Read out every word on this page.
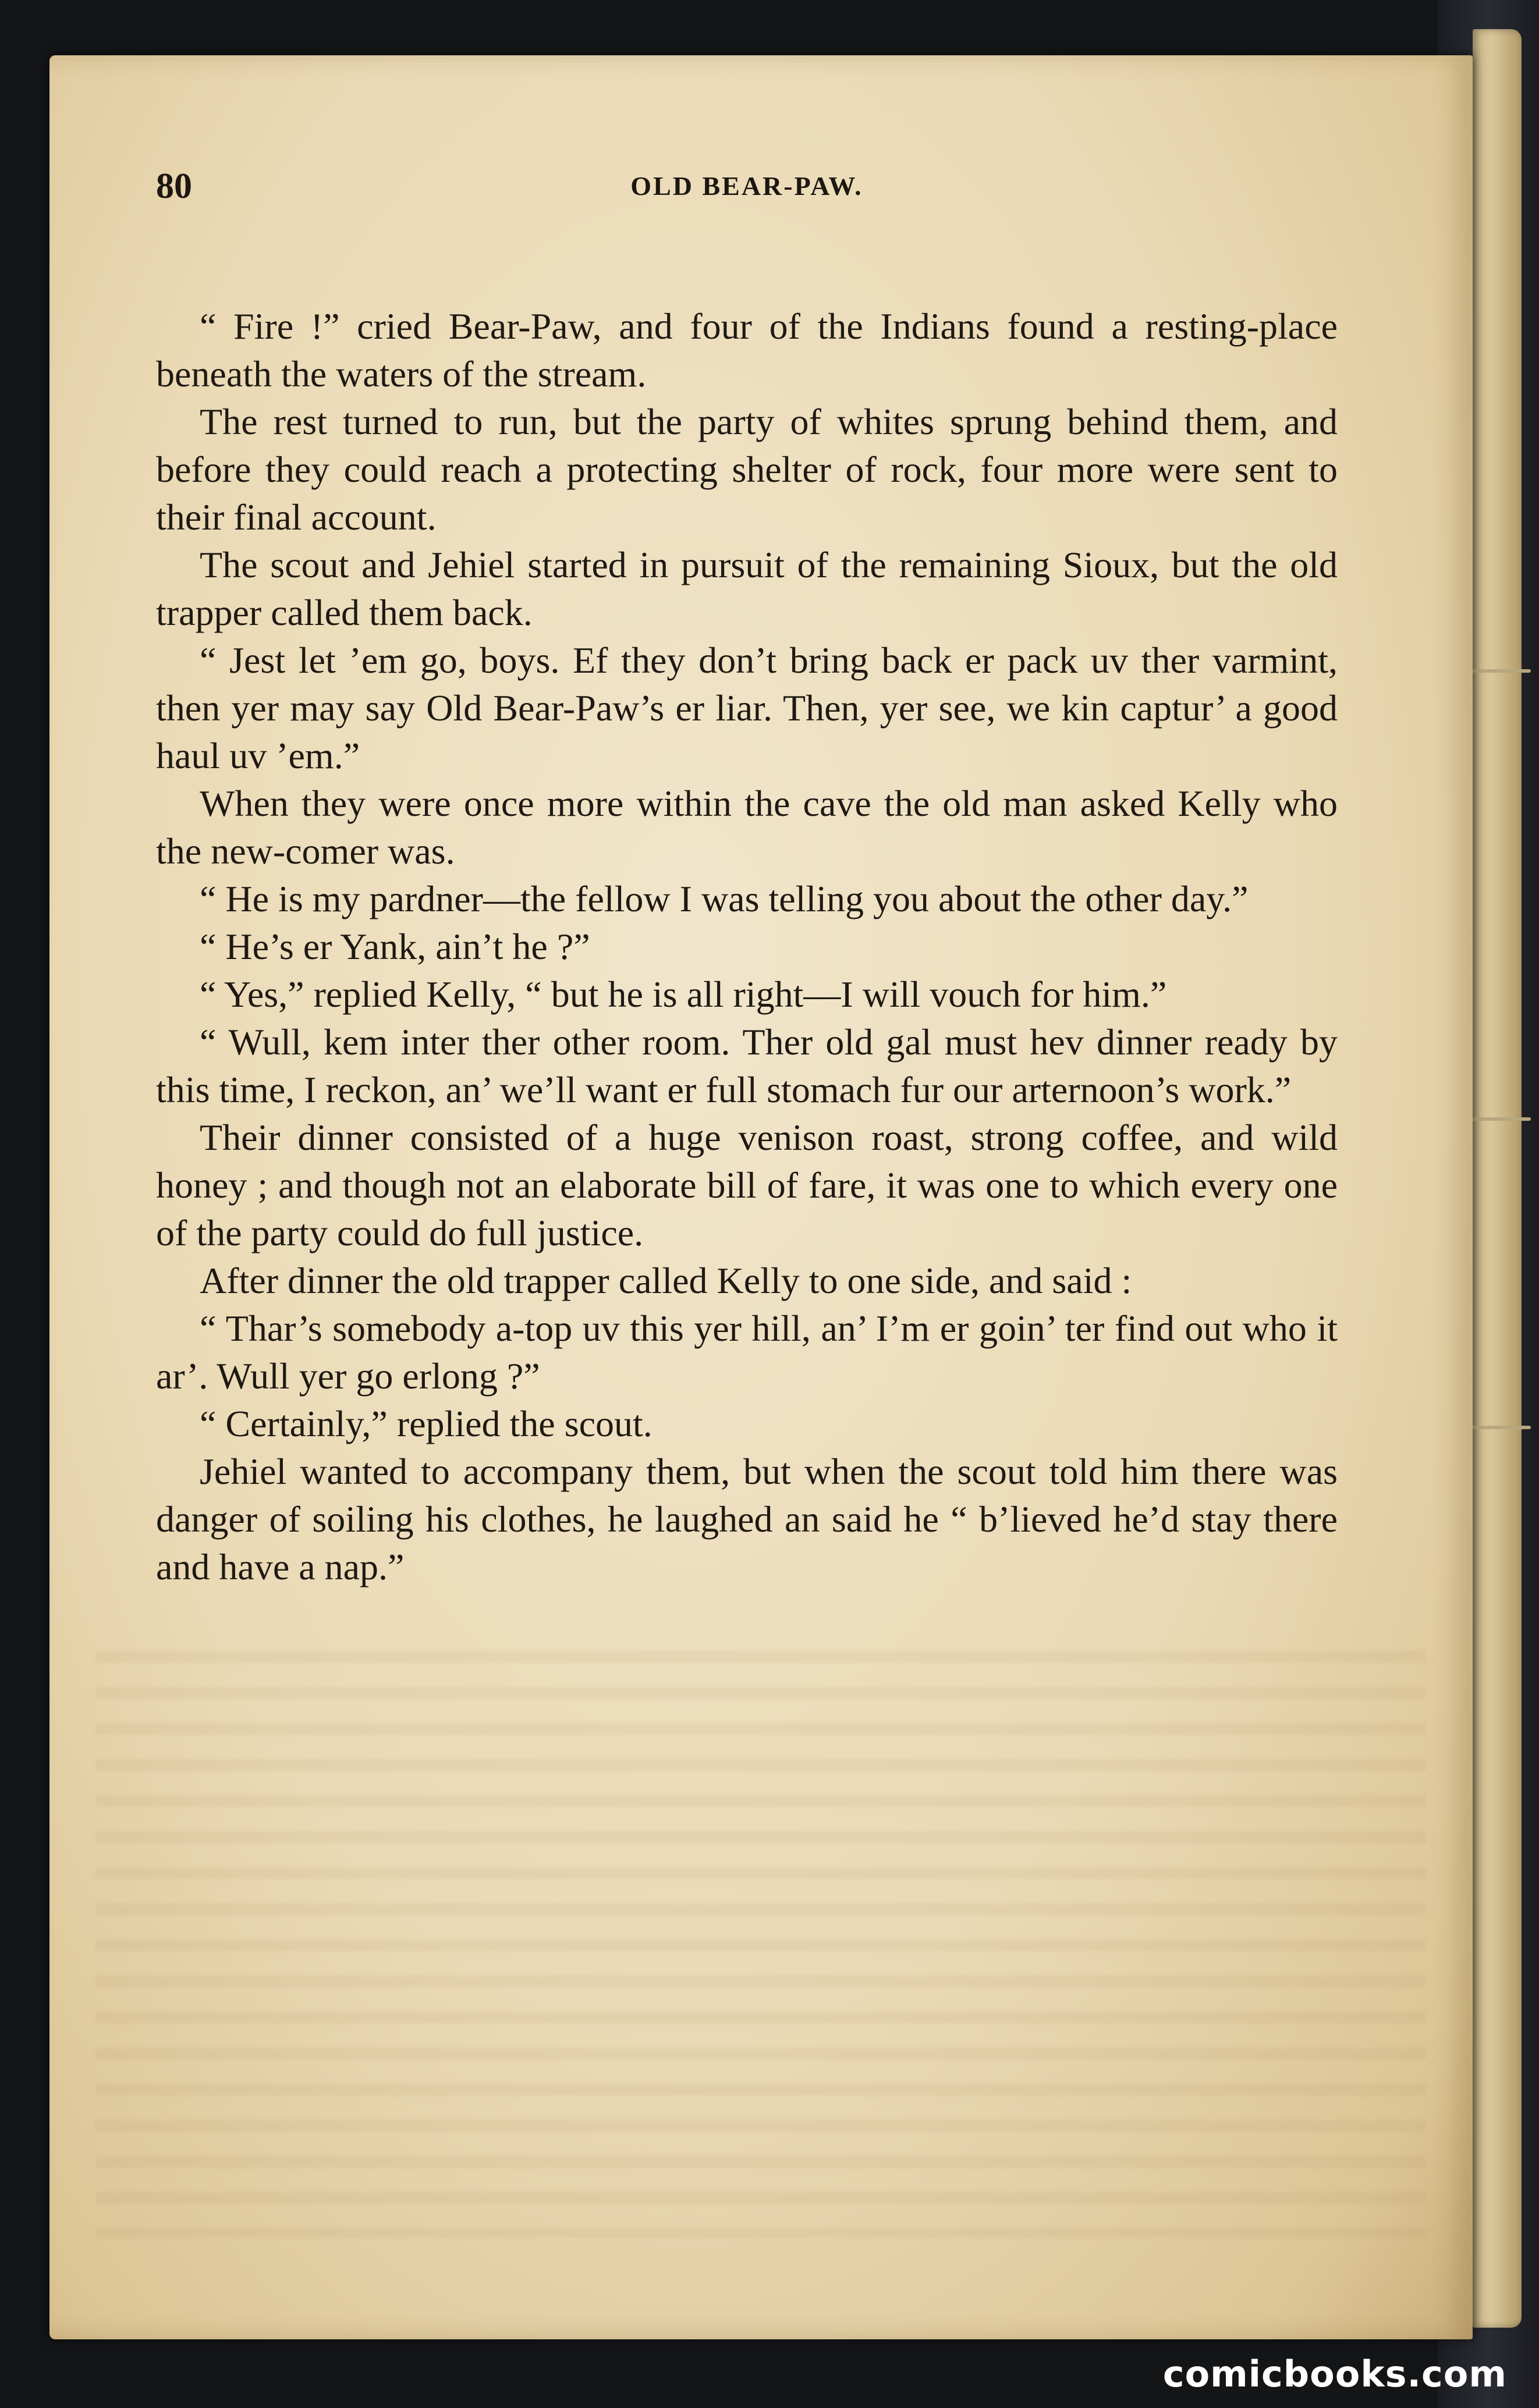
80	OLD BEAR-PAW.

“ Fire !” cried Bear-Paw, and four of the Indians found a resting-place beneath the waters of the stream.

The rest turned to run, but the party of whites sprung behind them, and before they could reach a protecting shelter of rock, four more were sent to their final account.

The scout and Jehiel started in pursuit of the remaining Sioux, but the old trapper called them back.

“ Jest let ’em go, boys. Ef they don’t bring back er pack uv ther varmint, then yer may say Old Bear-Paw’s er liar. Then, yer see, we kin captur’ a good haul uv ’em.”

When they were once more within the cave the old man asked Kelly who the new-comer was.

“ He is my pardner—the fellow I was telling you about the other day.”

“ He’s er Yank, ain’t he ?”

“ Yes,” replied Kelly, “ but he is all right—I will vouch for him.”

“ Wull, kem inter ther other room. Ther old gal must hev dinner ready by this time, I reckon, an’ we’ll want er full stomach fur our arternoon’s work.”

Their dinner consisted of a huge venison roast, strong coffee, and wild honey ; and though not an elaborate bill of fare, it was one to which every one of the party could do full justice.

After dinner the old trapper called Kelly to one side, and said :

“ Thar’s somebody a-top uv this yer hill, an’ I’m er goin’ ter find out who it ar’. Wull yer go erlong ?”

“ Certainly,” replied the scout.

Jehiel wanted to accompany them, but when the scout told him there was danger of soiling his clothes, he laughed an said he “ b’lieved he’d stay there and have a nap.”

comicbooks.com
